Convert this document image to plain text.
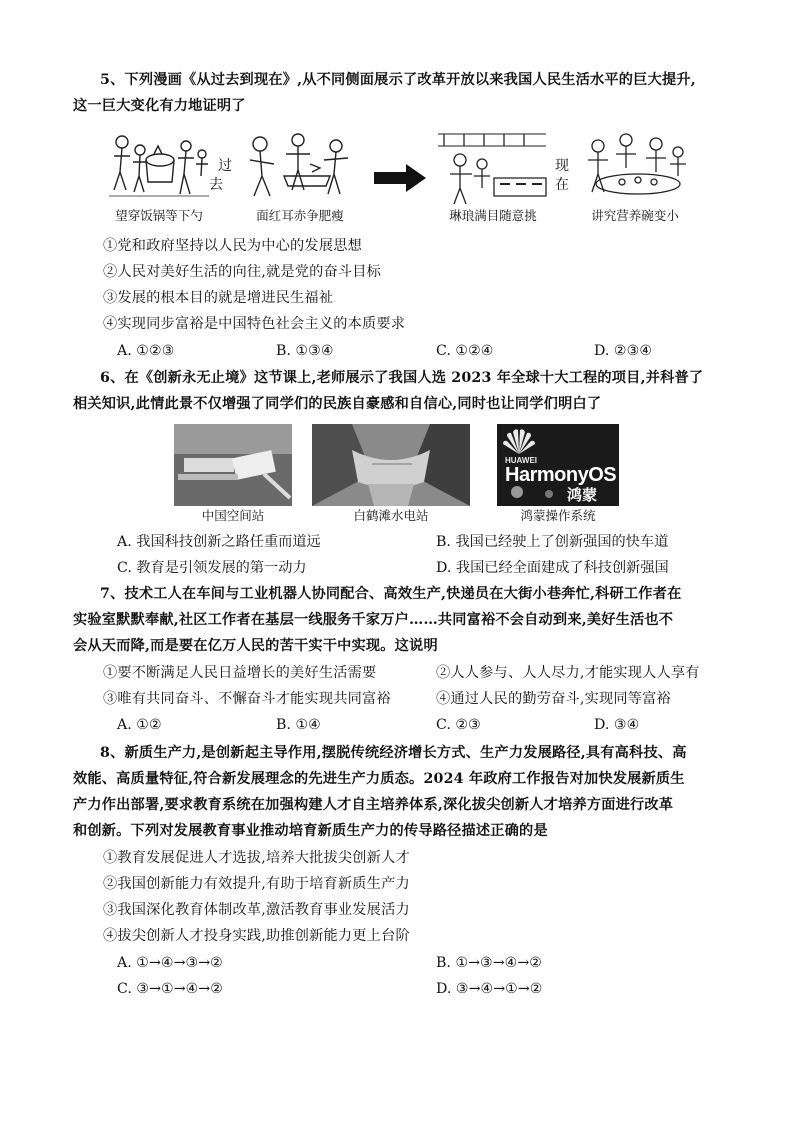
5、下列漫画《从过去到现在》,从不同侧面展示了改革开放以来我国人民生活水平的巨大提升,
这一巨大变化有力地证明了
望穿饭锅等下勺	面红耳赤争肥瘦
过
去
琳琅满目随意挑
现
在
讲究营养碗变小
①党和政府坚持以人民为中心的发展思想
②人民对美好生活的向往,就是党的奋斗目标
③发展的根本目的就是增进民生福祉
④实现同步富裕是中国特色社会主义的本质要求
A. ①②③	B. ①③④	C. ①②④	D. ②③④
6、在《创新永无止境》这节课上,老师展示了我国人选 2023 年全球十大工程的项目,并科普了
相关知识,此情此景不仅增强了同学们的民族自豪感和自信心,同时也让同学们明白了
中国空间站	白鹤滩水电站
HUAWEI
HarmonyOS
鸿蒙
鸿蒙操作系统
A. 我国科技创新之路任重而道远	B. 我国已经驶上了创新强国的快车道
C. 教育是引领发展的第一动力	D. 我国已经全面建成了科技创新强国
7、技术工人在车间与工业机器人协同配合、高效生产,快递员在大街小巷奔忙,科研工作者在
实验室默默奉献,社区工作者在基层一线服务千家万户……共同富裕不会自动到来,美好生活也不
会从天而降,而是要在亿万人民的苦干实干中实现。这说明
①要不断满足人民日益增长的美好生活需要	②人人参与、人人尽力,才能实现人人享有
③唯有共同奋斗、不懈奋斗才能实现共同富裕	④通过人民的勤劳奋斗,实现同等富裕
A. ①②	B. ①④	C. ②③	D. ③④
8、新质生产力,是创新起主导作用,摆脱传统经济增长方式、生产力发展路径,具有高科技、高
效能、高质量特征,符合新发展理念的先进生产力质态。2024 年政府工作报告对加快发展新质生
产力作出部署,要求教育系统在加强构建人才自主培养体系,深化拔尖创新人才培养方面进行改革
和创新。下列对发展教育事业推动培育新质生产力的传导路径描述正确的是
①教育发展促进人才选拔,培养大批拔尖创新人才
②我国创新能力有效提升,有助于培育新质生产力
③我国深化教育体制改革,激活教育事业发展活力
④拔尖创新人才投身实践,助推创新能力更上台阶
A. ①→④→③→②	B. ①→③→④→②
C. ③→①→④→②	D. ③→④→①→②
